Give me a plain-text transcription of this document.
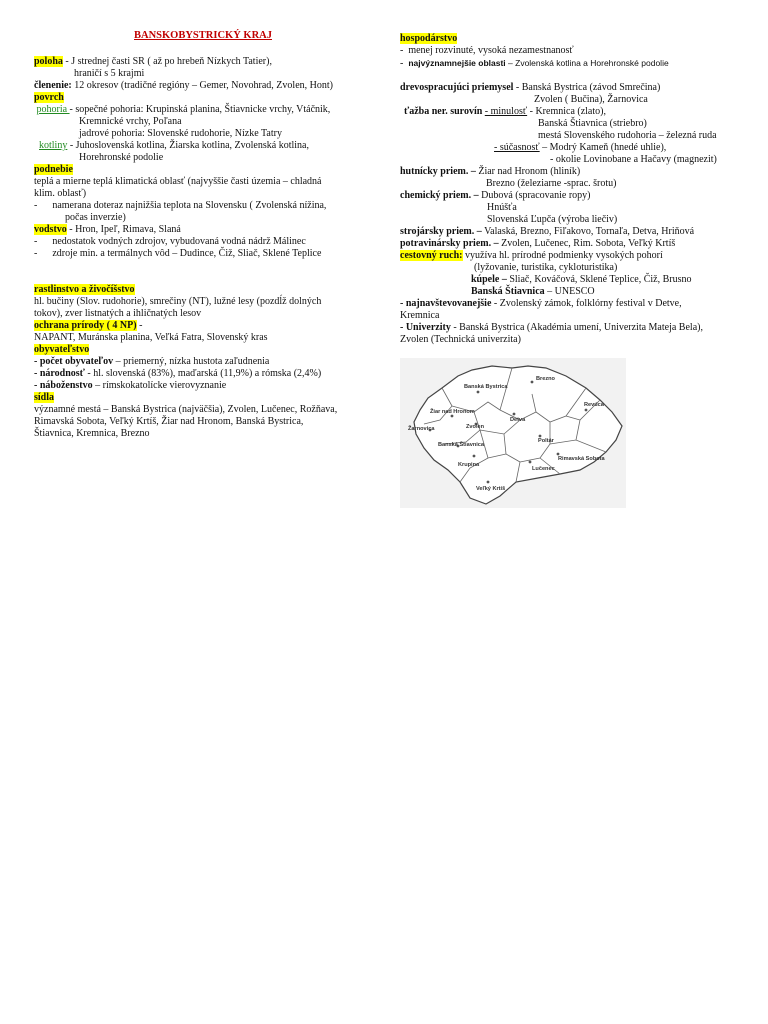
BANSKOBYSTRICKÝ KRAJ
poloha - J strednej časti SR ( až po hrebeň Nízkych Tatier),
hraničí s 5 krajmi
členenie: 12 okresov (tradičné regióny – Gemer, Novohrad, Zvolen, Hont)
povrch
pohoria - sopečné pohoria: Krupinská planina, Štiavnicke vrchy, Vtáčnik,
Kremnické vrchy, Poľana
jadrové pohoria: Slovenské rudohorie, Nízke Tatry
kotliny - Juhoslovenská kotlina, Žiarska kotlina, Zvolenská kotlina,
Horehronské podolie
podnebie
teplá a mierne teplá klimatická oblasť (najvyššie časti územia – chladná
klim. oblasť)
-      namerana doteraz najnižšia teplota na Slovensku ( Zvolenská nížina,
počas inverzie)
vodstvo - Hron, Ipeľ, Rimava, Slaná
-      nedostatok vodných zdrojov, vybudovaná vodná nádrž Málinec
-      zdroje min. a termálnych vôd – Dudince, Čiž, Sliač, Sklené Teplice
rastlinstvo a živočíšstvo
hl. bučiny (Slov. rudohorie), smrečiny (NT), lužné lesy (pozdĺž dolných
tokov), zver listnatých a ihličnatých lesov
ochrana prírody ( 4 NP) -
NAPANT, Muránska planina, Veľká Fatra, Slovenský kras
obyvateľstvo
- počet obyvateľov – priemerný, nízka hustota zaľudnenia
- národnosť - hl. slovenská (83%), maďarská (11,9%) a rómska (2,4%)
- náboženstvo – rímskokatolícke vierovyznanie
sídla
významné mestá – Banská Bystrica (najväčšia), Zvolen, Lučenec, Rožňava,
Rimavská Sobota, Veľký Krtíš, Žiar nad Hronom, Banská Bystrica,
Štiavnica, Kremnica, Brezno
hospodárstvo
-  menej rozvinuté, vysoká nezamestnanosť
-  najvýznamnejšie oblasti – Zvolenská kotlina a Horehronské podolie
drevospracujúci priemysel - Banská Bystrica (závod Smrečina)
Zvolen ( Bučina), Žarnovica
ťažba ner. surovín - minulosť - Kremnica (zlato),
Banská Štiavnica (striebro)
mestá Slovenského rudohoria – železná ruda
- súčasnosť – Modrý Kameň (hnedé uhlie),
- okolie Lovinobane a Hačavy (magnezit)
hutnícky priem. – Žiar nad Hronom (hliník)
Brezno (železiarne -sprac. šrotu)
chemický priem. – Dubová (spracovanie ropy)
Hnúšťa
Slovenská Ľupča (výroba liečiv)
strojársky priem. – Valaská, Brezno, Fiľakovo, Tornaľa, Detva, Hriňová
potravinársky priem. – Zvolen, Lučenec, Rim. Sobota, Veľký Krtíš
cestovný ruch: využíva hl. prírodné podmienky vysokých pohorí
(lyžovanie, turistika, cykloturistika)
kúpele – Sliač, Kováčová, Sklené Teplice, Čiž, Brusno
Banská Štiavnica – UNESCO
- najnavštevovanejšie - Zvolenský zámok, folklórny festival v Detve,
Kremnica
- Univerzity - Banská Bystrica (Akadémia umení, Univerzita Mateja Bela),
Zvolen (Technická univerzita)
Banská Bystrica
Brezno
Žiar nad Hronom
Žarnovica	Zvolen
Detva
Revúca
Banská Štiavnica
Poltár
Krupina
Rimavská Sobota
Lučenec
Veľký Krtíš
